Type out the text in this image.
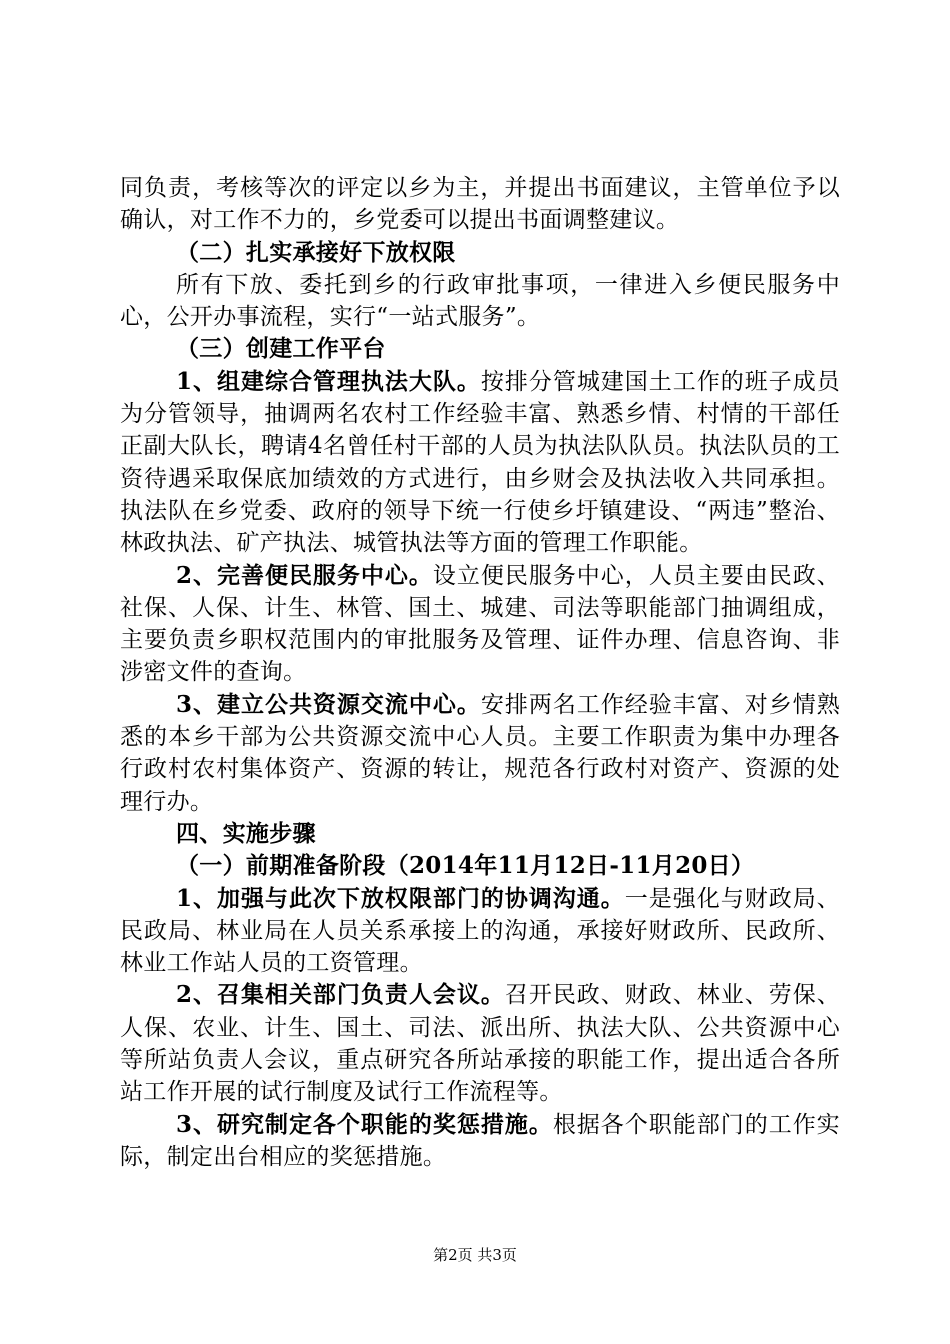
同负责，考核等次的评定以乡为主，并提出书面建议，主管单位予以确认，对工作不力的，乡党委可以提出书面调整建议。

（二）扎实承接好下放权限

所有下放、委托到乡的行政审批事项，一律进入乡便民服务中心，公开办事流程，实行“一站式服务”。

（三）创建工作平台

1、组建综合管理执法大队。按排分管城建国土工作的班子成员为分管领导，抽调两名农村工作经验丰富、熟悉乡情、村情的干部任正副大队长，聘请4名曾任村干部的人员为执法队队员。执法队员的工资待遇采取保底加绩效的方式进行，由乡财会及执法收入共同承担。执法队在乡党委、政府的领导下统一行使乡圩镇建设、“两违”整治、林政执法、矿产执法、城管执法等方面的管理工作职能。

2、完善便民服务中心。设立便民服务中心，人员主要由民政、社保、人保、计生、林管、国土、城建、司法等职能部门抽调组成，主要负责乡职权范围内的审批服务及管理、证件办理、信息咨询、非涉密文件的查询。

3、建立公共资源交流中心。安排两名工作经验丰富、对乡情熟悉的本乡干部为公共资源交流中心人员。主要工作职责为集中办理各行政村农村集体资产、资源的转让，规范各行政村对资产、资源的处理行办。

四、实施步骤

（一）前期准备阶段（2014年11月12日-11月20日）

1、加强与此次下放权限部门的协调沟通。一是强化与财政局、民政局、林业局在人员关系承接上的沟通，承接好财政所、民政所、林业工作站人员的工资管理。

2、召集相关部门负责人会议。召开民政、财政、林业、劳保、人保、农业、计生、国土、司法、派出所、执法大队、公共资源中心等所站负责人会议，重点研究各所站承接的职能工作，提出适合各所站工作开展的试行制度及试行工作流程等。

3、研究制定各个职能的奖惩措施。根据各个职能部门的工作实际，制定出台相应的奖惩措施。

第2页 共3页
